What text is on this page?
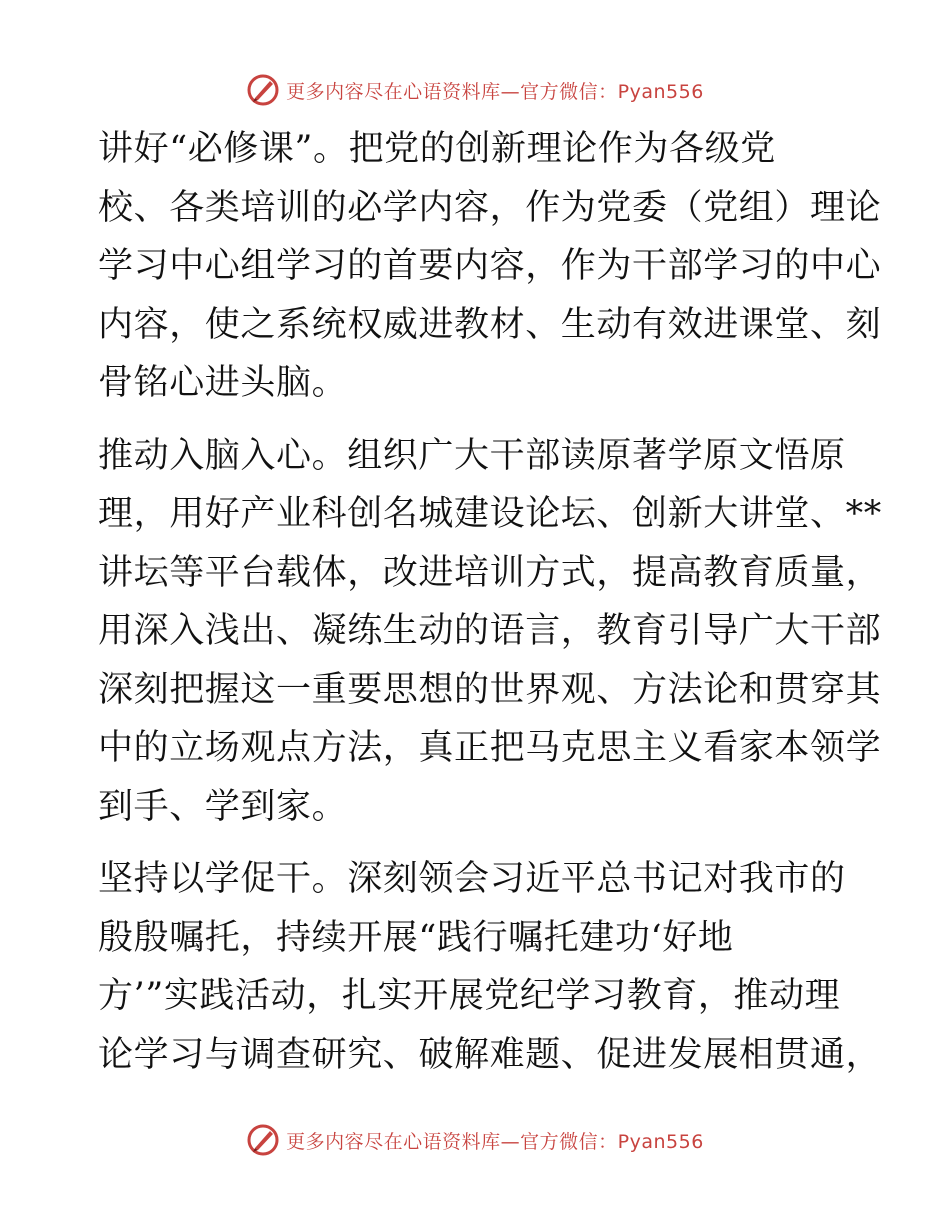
更多内容尽在心语资料库—官方微信：Pyan556

讲好“必修课”。把党的创新理论作为各级党
校、各类培训的必学内容，作为党委（党组）理论
学习中心组学习的首要内容，作为干部学习的中心
内容，使之系统权威进教材、生动有效进课堂、刻
骨铭心进头脑。

推动入脑入心。组织广大干部读原著学原文悟原
理，用好产业科创名城建设论坛、创新大讲堂、**
讲坛等平台载体，改进培训方式，提高教育质量，
用深入浅出、凝练生动的语言，教育引导广大干部
深刻把握这一重要思想的世界观、方法论和贯穿其
中的立场观点方法，真正把马克思主义看家本领学
到手、学到家。

坚持以学促干。深刻领会习近平总书记对我市的
殷殷嘱托，持续开展“践行嘱托建功‘好地
方’”实践活动，扎实开展党纪学习教育，推动理
论学习与调查研究、破解难题、促进发展相贯通，

更多内容尽在心语资料库—官方微信：Pyan556
